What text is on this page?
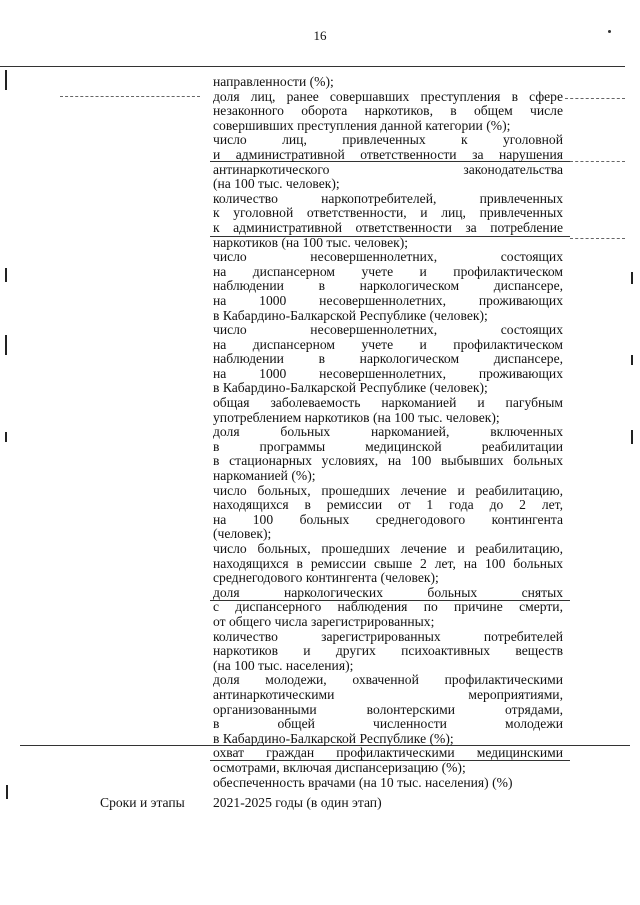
16
направленности (%);
доля лиц, ранее совершавших преступления в сфере
незаконного оборота наркотиков, в общем числе
совершивших преступления данной категории (%);
число лиц, привлеченных к уголовной
и административной ответственности за нарушения
антинаркотического законодательства
(на 100 тыс. человек);
количество наркопотребителей, привлеченных
к уголовной ответственности, и лиц, привлеченных
к административной ответственности за потребление
наркотиков (на 100 тыс. человек);
число несовершеннолетних, состоящих
на диспансерном учете и профилактическом
наблюдении в наркологическом диспансере,
на 1000 несовершеннолетних, проживающих
в Кабардино-Балкарской Республике (человек);
число несовершеннолетних, состоящих
на диспансерном учете и профилактическом
наблюдении в наркологическом диспансере,
на 1000 несовершеннолетних, проживающих
в Кабардино-Балкарской Республике (человек);
общая заболеваемость наркоманией и пагубным
употреблением наркотиков (на 100 тыс. человек);
доля больных наркоманией, включенных
в программы медицинской реабилитации
в стационарных условиях, на 100 выбывших больных
наркоманией (%);
число больных, прошедших лечение и реабилитацию,
находящихся в ремиссии от 1 года до 2 лет,
на 100 больных среднегодового контингента
(человек);
число больных, прошедших лечение и реабилитацию,
находящихся в ремиссии свыше 2 лет, на 100 больных
среднегодового контингента (человек);
доля наркологических больных снятых
с диспансерного наблюдения по причине смерти,
от общего числа зарегистрированных;
количество зарегистрированных потребителей
наркотиков и других психоактивных веществ
(на 100 тыс. населения);
доля молодежи, охваченной профилактическими
антинаркотическими мероприятиями,
организованными волонтерскими отрядами,
в общей численности молодежи
в Кабардино-Балкарской Республике (%);
охват граждан профилактическими медицинскими
осмотрами, включая диспансеризацию (%);
обеспеченность врачами (на 10 тыс. населения) (%)
Сроки и этапы 2021-2025 годы (в один этап)
